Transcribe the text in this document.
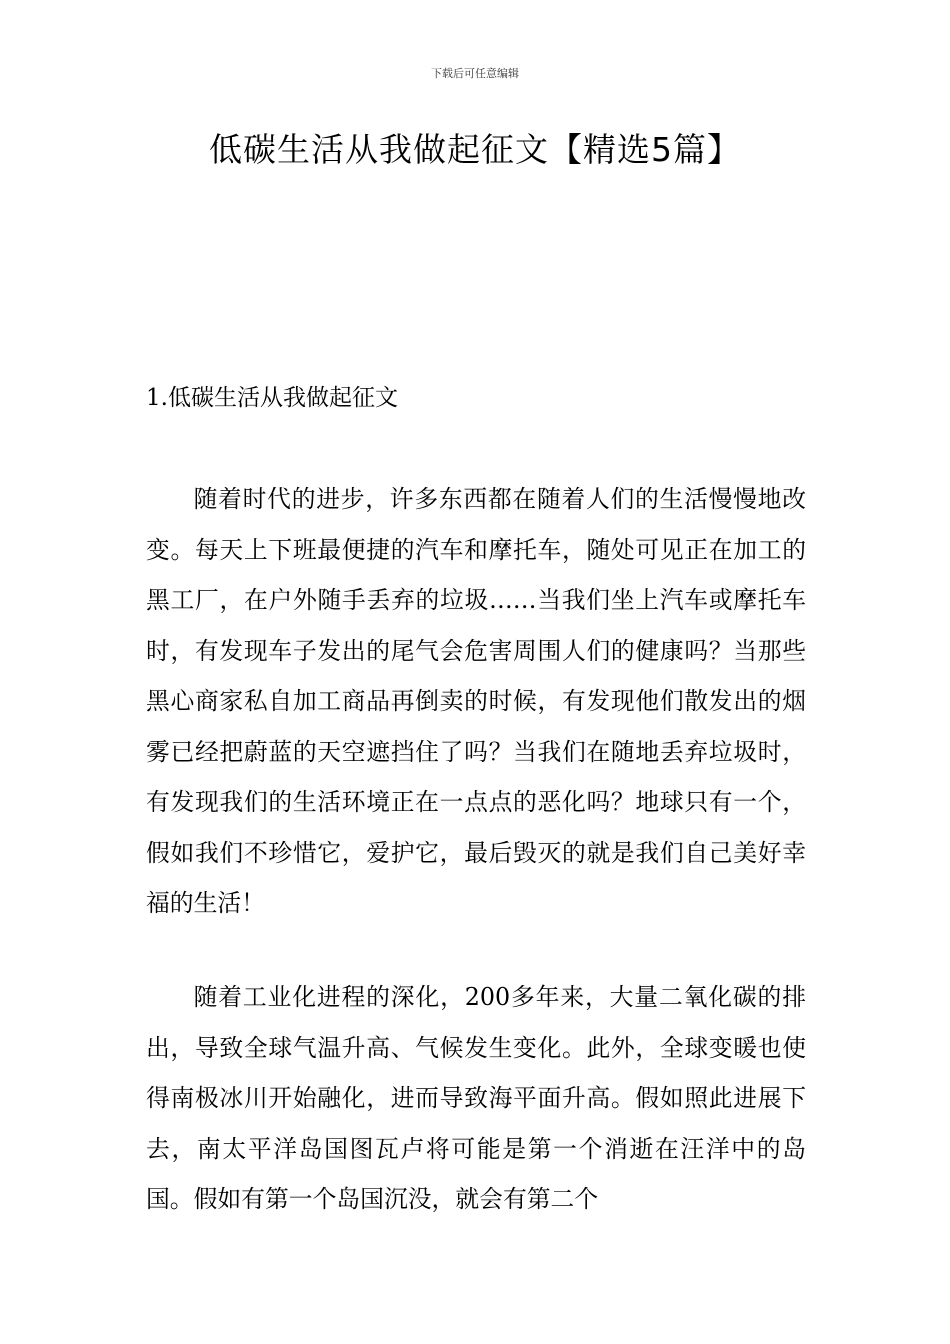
下载后可任意编辑
低碳生活从我做起征文【精选5篇】
1.低碳生活从我做起征文

随着时代的进步，许多东西都在随着人们的生活慢慢地改变。每天上下班最便捷的汽车和摩托车，随处可见正在加工的黑工厂，在户外随手丢弃的垃圾……当我们坐上汽车或摩托车时，有发现车子发出的尾气会危害周围人们的健康吗？当那些黑心商家私自加工商品再倒卖的时候，有发现他们散发出的烟雾已经把蔚蓝的天空遮挡住了吗？当我们在随地丢弃垃圾时，有发现我们的生活环境正在一点点的恶化吗？地球只有一个，假如我们不珍惜它，爱护它，最后毁灭的就是我们自己美好幸福的生活！

随着工业化进程的深化，200多年来，大量二氧化碳的排出，导致全球气温升高、气候发生变化。此外，全球变暖也使得南极冰川开始融化，进而导致海平面升高。假如照此进展下去，南太平洋岛国图瓦卢将可能是第一个消逝在汪洋中的岛国。假如有第一个岛国沉没，就会有第二个
